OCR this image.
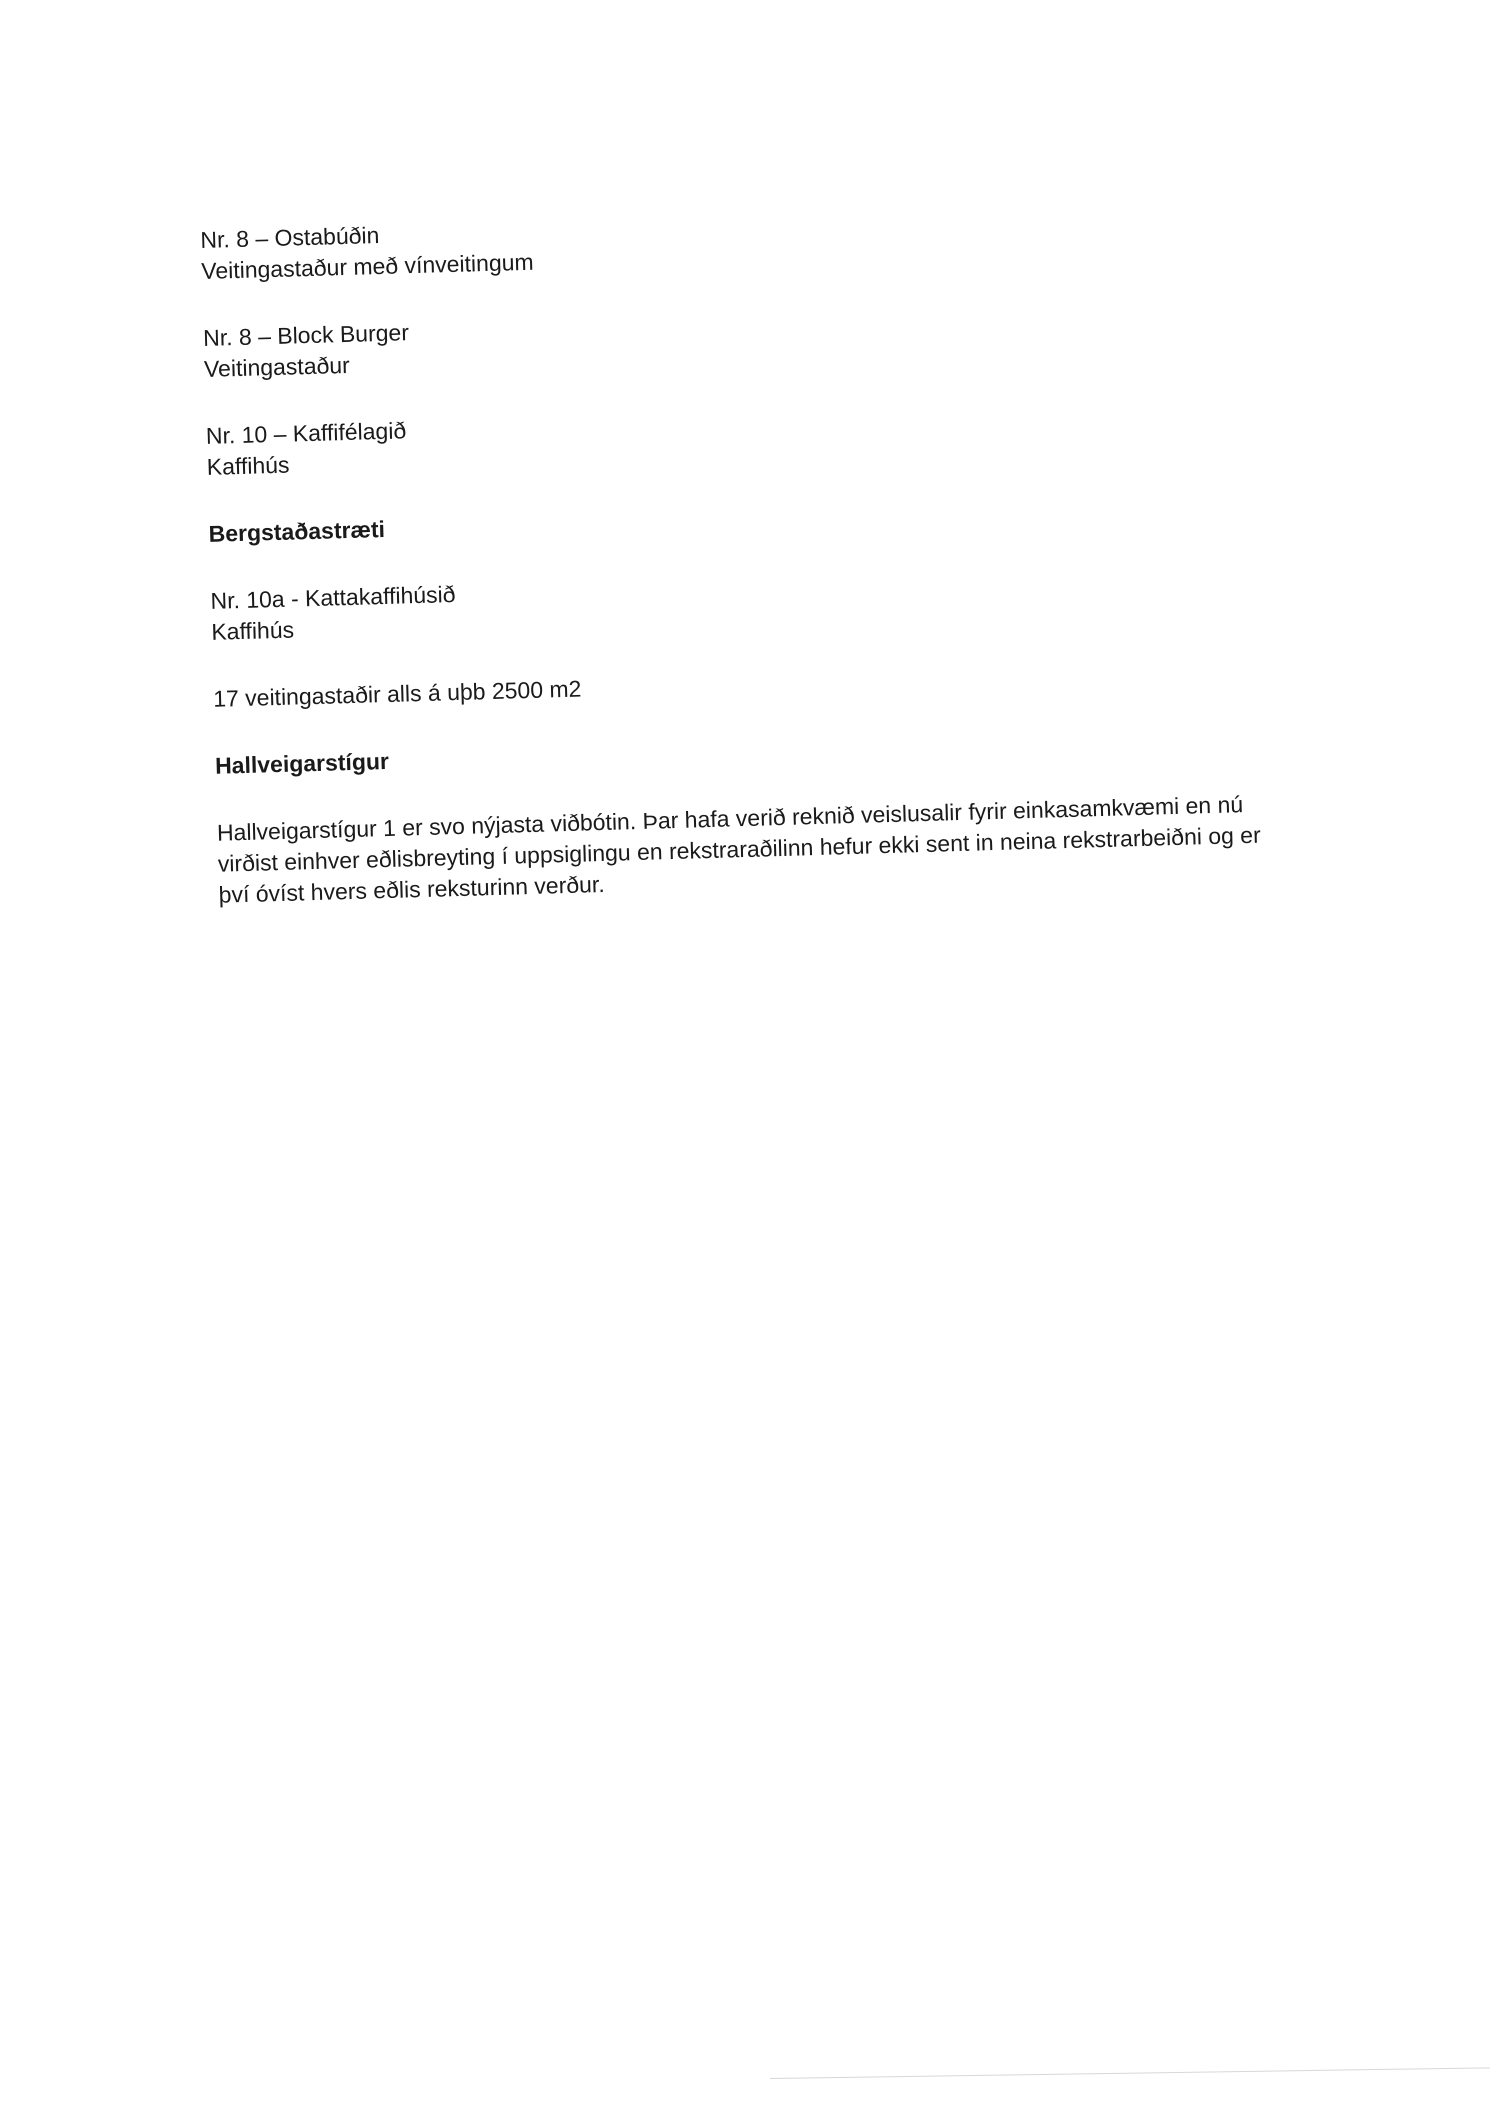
Nr. 8 – Ostabúðin
Veitingastaður með vínveitingum
Nr. 8 – Block Burger
Veitingastaður
Nr. 10 – Kaffifélagið
Kaffihús
Bergstaðastræti
Nr. 10a - Kattakaffihúsið
Kaffihús
17 veitingastaðir alls á uþb 2500 m2
Hallveigarstígur
Hallveigarstígur 1 er svo nýjasta viðbótin. Þar hafa verið reknið veislusalir fyrir einkasamkvæmi en nú virðist einhver eðlisbreyting í uppsiglingu en rekstraraðilinn hefur ekki sent in neina rekstrarbeiðni og er því óvíst hvers eðlis reksturinn verður.
